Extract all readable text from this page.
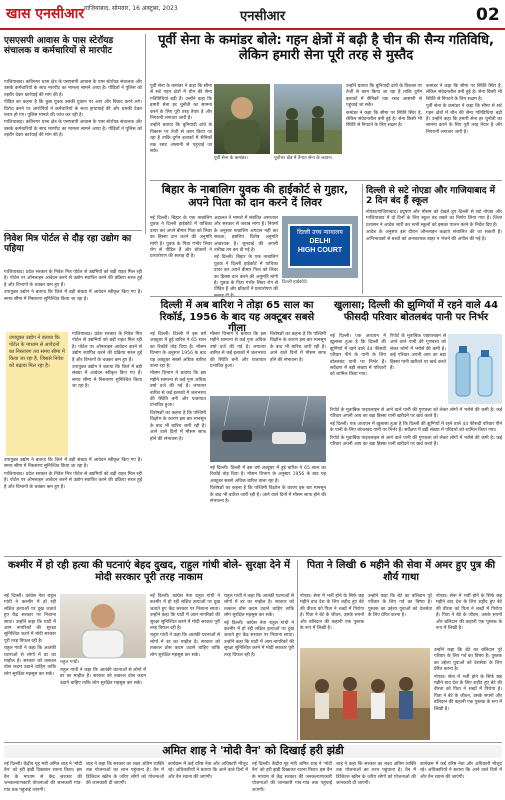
खास एनसीआर गाजियाबाद, सोमवार, 16 अक्टूबर, 2023
एनसीआर	02
एसएसपी आवास के पास स्टेरॉयड संचालक व कर्मचारियों से मारपीट

गाजियाबाद। कविनगर थाना क्षेत्र के एसएसपी आवास के पास स्टेरॉयड संचालक और उसके कर्मचारियों के साथ मारपीट का मामला सामने आया है। पीड़ितों ने पुलिस को तहरीर देकर कार्रवाई की मांग की है।

पीड़ित का कहना है कि कुछ युवक उसकी दुकान पर आए और विवाद करने लगे। विरोध करने पर आरोपियों ने कर्मचारियों के साथ हाथापाई की और धमकी देकर फरार हो गए। पुलिस मामले की जांच कर रही है।

गाजियाबाद। कविनगर थाना क्षेत्र के एसएसपी आवास के पास स्टेरॉयड संचालक और उसके कर्मचारियों के साथ मारपीट का मामला सामने आया है। पीड़ितों ने पुलिस को तहरीर देकर कार्रवाई की मांग की है।

निवेश मित्र पोर्टल से दौड़ रहा उद्योग का पहिया

गाजियाबाद। प्रदेश सरकार के निवेश मित्र पोर्टल से उद्यमियों को बड़ी राहत मिल रही है। पोर्टल पर ऑनलाइन आवेदन करने से उद्योग स्थापित करने की प्रक्रिया सरल हुई है और विभागों के चक्कर कम हुए हैं।

उपायुक्त उद्योग ने बताया कि जिले में बड़ी संख्या में आवेदन स्वीकृत किए गए हैं। समय सीमा में निस्तारण सुनिश्चित किया जा रहा है।

उपायुक्त उद्योग ने बताया कि पोर्टल के माध्यम से आवेदनों का निस्तारण तय समय सीमा में किया जा रहा है, जिससे निवेश को बढ़ावा मिल रहा है।

गाजियाबाद। प्रदेश सरकार के निवेश मित्र पोर्टल से उद्यमियों को बड़ी राहत मिल रही है। पोर्टल पर ऑनलाइन आवेदन करने से उद्योग स्थापित करने की प्रक्रिया सरल हुई है और विभागों के चक्कर कम हुए हैं।

उपायुक्त उद्योग ने बताया कि जिले में बड़ी संख्या में आवेदन स्वीकृत किए गए हैं। समय सीमा में निस्तारण सुनिश्चित किया जा रहा है।

उपायुक्त उद्योग ने बताया कि जिले में बड़ी संख्या में आवेदन स्वीकृत किए गए हैं। समय सीमा में निस्तारण सुनिश्चित किया जा रहा है।

गाजियाबाद। प्रदेश सरकार के निवेश मित्र पोर्टल से उद्यमियों को बड़ी राहत मिल रही है। पोर्टल पर ऑनलाइन आवेदन करने से उद्योग स्थापित करने की प्रक्रिया सरल हुई है और विभागों के चक्कर कम हुए हैं।

पूर्वी सेना के कमांडर बोले: गहन क्षेत्रों में बढ़ी है चीन की सैन्य गतिविधि, लेकिन हमारी सेना पूरी तरह से मुस्तैद

पूर्वी सेना के कमांडर ने कहा कि सीमा से सटे गहन क्षेत्रों में चीन की सैन्य गतिविधियां बढ़ी हैं। उन्होंने कहा कि हमारी सेना हर चुनौती का सामना करने के लिए पूरी तरह तैयार है और निगरानी लगातार जारी है।

उन्होंने बताया कि बुनियादी ढांचे के विकास पर तेजी से काम किया जा रहा है ताकि दुर्गम इलाकों में सैनिकों तक रसद आसानी से पहुंचाई जा सके।

पूर्वी सेना के कमांडर।	पूर्वोत्तर क्षेत्र में तैनात सेना के जवान।

उन्होंने बताया कि बुनियादी ढांचे के विकास पर तेजी से काम किया जा रहा है ताकि दुर्गम इलाकों में सैनिकों तक रसद आसानी से पहुंचाई जा सके।

कमांडर ने कहा कि सीमा पर स्थिति स्थिर है, लेकिन संवेदनशील बनी हुई है। सेना किसी भी स्थिति से निपटने के लिए सक्षम है।

कमांडर ने कहा कि सीमा पर स्थिति स्थिर है, लेकिन संवेदनशील बनी हुई है। सेना किसी भी स्थिति से निपटने के लिए सक्षम है।

पूर्वी सेना के कमांडर ने कहा कि सीमा से सटे गहन क्षेत्रों में चीन की सैन्य गतिविधियां बढ़ी हैं। उन्होंने कहा कि हमारी सेना हर चुनौती का सामना करने के लिए पूरी तरह तैयार है और निगरानी लगातार जारी है।

बिहार के नाबालिग युवक की हाईकोर्ट से गुहार, अपने पिता को दान करने दें लिवर

नई दिल्ली। बिहार के एक नाबालिग युवक ने दिल्ली हाईकोर्ट में याचिका दायर कर अपने बीमार पिता को लिवर का हिस्सा दान करने की अनुमति मांगी है। युवक के पिता गंभीर लिवर रोग से पीड़ित हैं और डॉक्टरों ने प्रत्यारोपण की सलाह दी है।

अदालत ने मामले में संबंधित अस्पताल और सरकार से जवाब मांगा है। नियमों के अनुसार नाबालिग अंगदान नहीं कर सकता, इसलिए विशेष अनुमति आवश्यक है। सुनवाई की अगली तारीख तय कर दी गई है।

नई दिल्ली। बिहार के एक नाबालिग युवक ने दिल्ली हाईकोर्ट में याचिका दायर कर अपने बीमार पिता को लिवर का हिस्सा दान करने की अनुमति मांगी है। युवक के पिता गंभीर लिवर रोग से पीड़ित हैं और डॉक्टरों ने प्रत्यारोपण की

दिल्ली उच्च न्यायालय
DELHI
HIGH COURT
दिल्ली हाईकोर्ट।
दिल्ली से सटे नोएडा और गाजियाबाद में 2 दिन बंद हैं स्कूल

नोएडा/गाजियाबाद। प्रदूषण और मौसम को देखते हुए दिल्ली से सटे नोएडा और गाजियाबाद में दो दिनों के लिए स्कूल बंद रखने का निर्णय लिया गया है। जिला प्रशासन ने आदेश जारी कर सभी स्कूलों को इसका पालन करने के निर्देश दिए हैं।

आदेश के अनुसार इस दौरान ऑनलाइन कक्षाएं संचालित की जा सकती हैं। अभिभावकों से बच्चों को अनावश्यक बाहर न भेजने की अपील की गई है।

दिल्ली में अब बारिश ने तोड़ा 65 साल का रिकॉर्ड, 1956 के बाद यह अक्टूबर सबसे गीला

नई दिल्ली। दिल्ली में इस वर्ष अक्टूबर में हुई बारिश ने 65 साल का रिकॉर्ड तोड़ दिया है। मौसम विभाग के अनुसार 1956 के बाद यह अक्टूबर सबसे अधिक बारिश वाला रहा है।

मौसम विभाग ने बताया कि इस महीने सामान्य से कई गुना अधिक वर्षा दर्ज की गई है। लगातार बारिश से कई इलाकों में जलभराव की स्थिति बनी और यातायात प्रभावित हुआ।

विशेषज्ञों का कहना है कि पश्चिमी विक्षोभ के कारण इस बार मानसून के बाद भी बारिश जारी रही है। आने वाले दिनों में मौसम साफ होने की संभावना है।

मौसम विभाग ने बताया कि इस महीने सामान्य से कई गुना अधिक वर्षा दर्ज की गई है। लगातार बारिश से कई इलाकों में जलभराव की स्थिति बनी और यातायात प्रभावित हुआ।

विशेषज्ञों का कहना है कि पश्चिमी विक्षोभ के कारण इस बार मानसून के बाद भी बारिश जारी रही है। आने वाले दिनों में मौसम साफ होने की संभावना है।

नई दिल्ली। दिल्ली में इस वर्ष अक्टूबर में हुई बारिश ने 65 साल का रिकॉर्ड तोड़ दिया है। मौसम विभाग के अनुसार 1956 के बाद यह अक्टूबर सबसे अधिक बारिश वाला रहा है।

विशेषज्ञों का कहना है कि पश्चिमी विक्षोभ के कारण इस बार मानसून के बाद भी बारिश जारी रही है। आने वाले दिनों में मौसम साफ होने की संभावना है।

खुलासा; दिल्ली की झुग्गियों में रहने वाले 44 फीसदी परिवार बोतलबंद पानी पर निर्भर

नई दिल्ली। एक अध्ययन में खुलासा हुआ है कि दिल्ली की झुग्गियों में रहने वाले 44 फीसदी परिवार पीने के पानी के लिए बोतलबंद पानी पर निर्भर हैं। सर्वेक्षण में बड़ी संख्या में परिवारों को शामिल किया गया।

रिपोर्ट के मुताबिक पाइपलाइन से आने वाले पानी की गुणवत्ता को लेकर लोगों में भरोसे की कमी है। कई परिवार अपनी आय का बड़ा हिस्सा पानी खरीदने पर खर्च करते हैं।

रिपोर्ट के मुताबिक पाइपलाइन से आने वाले पानी की गुणवत्ता को लेकर लोगों में भरोसे की कमी है। कई परिवार अपनी आय का बड़ा हिस्सा पानी खरीदने पर खर्च करते हैं।

नई दिल्ली। एक अध्ययन में खुलासा हुआ है कि दिल्ली की झुग्गियों में रहने वाले 44 फीसदी परिवार पीने के पानी के लिए बोतलबंद पानी पर निर्भर हैं। सर्वेक्षण में बड़ी संख्या में परिवारों को शामिल किया गया।

रिपोर्ट के मुताबिक पाइपलाइन से आने वाले पानी की गुणवत्ता को लेकर लोगों में भरोसे की कमी है। कई परिवार अपनी आय का बड़ा हिस्सा पानी खरीदने पर खर्च करते हैं।

कश्मीर में हो रही हत्या की घटनाएं बेहद दुखद, राहुल गांधी बोले- सुरक्षा देने में मोदी सरकार पूरी तरह नाकाम

नई दिल्ली। कांग्रेस नेता राहुल गांधी ने कश्मीर में हो रही लक्षित हत्याओं पर दुख जताते हुए केंद्र सरकार पर निशाना साधा। उन्होंने कहा कि घाटी में आम नागरिकों की सुरक्षा सुनिश्चित करने में मोदी सरकार पूरी तरह विफल रही है।

राहुल गांधी ने कहा कि आतंकी घटनाओं से लोगों में डर का माहौल है। सरकार को तत्काल ठोस कदम उठाने चाहिए ताकि लोग सुरक्षित महसूस कर सकें।

राहुल गांधी।

राहुल गांधी ने कहा कि आतंकी घटनाओं से लोगों में डर का माहौल है। सरकार को तत्काल ठोस कदम उठाने चाहिए ताकि लोग सुरक्षित महसूस कर सकें।

नई दिल्ली। कांग्रेस नेता राहुल गांधी ने कश्मीर में हो रही लक्षित हत्याओं पर दुख जताते हुए केंद्र सरकार पर निशाना साधा। उन्होंने कहा कि घाटी में आम नागरिकों की सुरक्षा सुनिश्चित करने में मोदी सरकार पूरी तरह विफल रही है।

राहुल गांधी ने कहा कि आतंकी घटनाओं से लोगों में डर का माहौल है। सरकार को तत्काल ठोस कदम उठाने चाहिए ताकि लोग सुरक्षित महसूस कर सकें।

राहुल गांधी ने कहा कि आतंकी घटनाओं से लोगों में डर का माहौल है। सरकार को तत्काल ठोस कदम उठाने चाहिए ताकि लोग सुरक्षित महसूस कर सकें।

नई दिल्ली। कांग्रेस नेता राहुल गांधी ने कश्मीर में हो रही लक्षित हत्याओं पर दुख जताते हुए केंद्र सरकार पर निशाना साधा। उन्होंने कहा कि घाटी में आम नागरिकों की सुरक्षा सुनिश्चित करने में मोदी सरकार पूरी तरह विफल रही है।

पिता ने लिखी 6 महीने की सेवा में अमर हुए पुत्र की शौर्य गाथा

नोएडा। सेना में भर्ती होने के सिर्फ छह महीने बाद देश के लिए शहीद हुए बेटे की वीरता को पिता ने शब्दों में पिरोया है। पिता ने बेटे के जीवन, उसके सपनों और बलिदान की कहानी एक पुस्तक के रूप में लिखी है।

उन्होंने कहा कि बेटे का बलिदान पूरे परिवार के लिए गर्व का विषय है। पुस्तक का उद्देश्य युवाओं को देशसेवा के लिए प्रेरित करना है।

नोएडा। सेना में भर्ती होने के सिर्फ छह महीने बाद देश के लिए शहीद हुए बेटे की वीरता को पिता ने शब्दों में पिरोया है। पिता ने बेटे के जीवन, उसके सपनों और बलिदान की कहानी एक पुस्तक के रूप में लिखी है।

उन्होंने कहा कि बेटे का बलिदान पूरे परिवार के लिए गर्व का विषय है। पुस्तक का उद्देश्य युवाओं को देशसेवा के लिए प्रेरित करना है।

नोएडा। सेना में भर्ती होने के सिर्फ छह महीने बाद देश के लिए शहीद हुए बेटे की वीरता को पिता ने शब्दों में पिरोया है। पिता ने बेटे के जीवन, उसके सपनों और बलिदान की कहानी एक पुस्तक के रूप में लिखी है।

अमित शाह ने 'मोदी वैन' को दिखाई हरी झंडी

नई दिल्ली। केंद्रीय गृह मंत्री अमित शाह ने 'मोदी वैन' को हरी झंडी दिखाकर रवाना किया। इस वैन के माध्यम से केंद्र सरकार की जनकल्याणकारी योजनाओं की जानकारी गांव-गांव तक पहुंचाई जाएगी।

शाह ने कहा कि सरकार का लक्ष्य अंतिम व्यक्ति तक योजनाओं का लाभ पहुंचाना है। वैन में डिजिटल स्क्रीन के जरिए लोगों को योजनाओं की जानकारी दी जाएगी।

कार्यक्रम में कई वरिष्ठ नेता और अधिकारी मौजूद रहे। अधिकारियों ने बताया कि आने वाले दिनों में और वैन रवाना की जाएंगी।

नई दिल्ली। केंद्रीय गृह मंत्री अमित शाह ने 'मोदी वैन' को हरी झंडी दिखाकर रवाना किया। इस वैन के माध्यम से केंद्र सरकार की जनकल्याणकारी योजनाओं की जानकारी गांव-गांव तक पहुंचाई जाएगी।

शाह ने कहा कि सरकार का लक्ष्य अंतिम व्यक्ति तक योजनाओं का लाभ पहुंचाना है। वैन में डिजिटल स्क्रीन के जरिए लोगों को योजनाओं की जानकारी दी जाएगी।

कार्यक्रम में कई वरिष्ठ नेता और अधिकारी मौजूद रहे। अधिकारियों ने बताया कि आने वाले दिनों में और वैन रवाना की जाएंगी।
